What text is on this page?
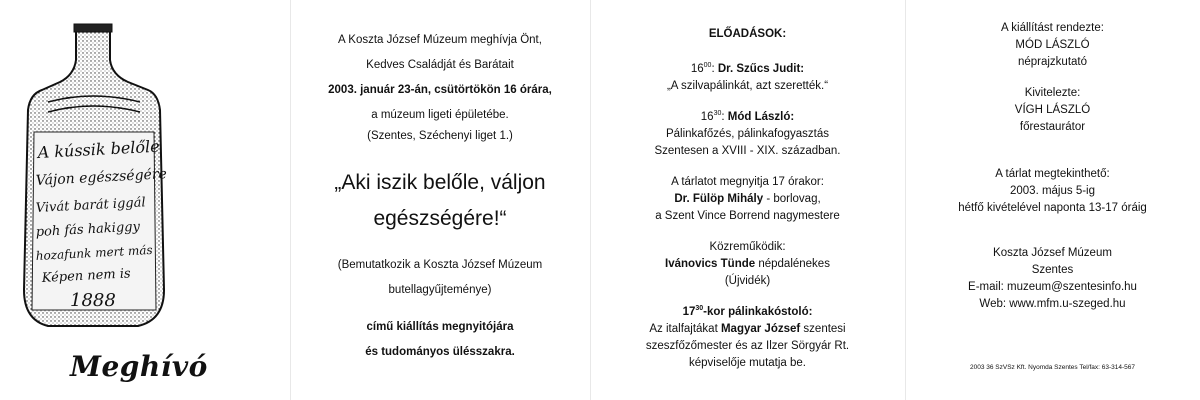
A kússik belőle
Vájon egészségére
Vivát barát iggál
poh fás hakiggy
hozafunk mert más
Képen nem is
1888
Meghívó
A Koszta József Múzeum meghívja Önt,
Kedves Családját és Barátait
2003. január 23-án, csütörtökön 16 órára,
a múzeum ligeti épületébe.
(Szentes, Széchenyi liget 1.)
„Aki iszik belőle, váljon
egészségére!“
(Bemutatkozik a Koszta József Múzeum
butellagyűjteménye)
című kiállítás megnyitójára
és tudományos ülésszakra.
ELŐADÁSOK:
$16^{00}$: Dr. Szűcs Judit:
„A szilvapálinkát, azt szerették.“
$16^{30}$: Mód László:
Pálinkafőzés, pálinkafogyasztás
Szentesen a XVIII - XIX. században.
A tárlatot megnyitja 17 órakor:
Dr. Fülöp Mihály - borlovag,
a Szent Vince Borrend nagymestere
Közreműködik:
Ivánovics Tünde népdalénekes
(Újvidék)
$17^{30}$-kor pálinkakóstoló:
Az italfajtákat Magyar József szentesi
szeszfőzőmester és az Ilzer Sörgyár Rt.
képviselője mutatja be.
A kiállítást rendezte:
MÓD LÁSZLÓ
néprajzkutató
Kivitelezte:
VÍGH LÁSZLÓ
főrestaurátor
A tárlat megtekinthető:
2003. május 5-ig
hétfő kivételével naponta 13-17 óráig
Koszta József Múzeum
Szentes
E-mail: muzeum@szentesinfo.hu
Web: www.mfm.u-szeged.hu
2003 36 SzVSz Kft. Nyomda Szentes Tel/fax: 63-314-567
